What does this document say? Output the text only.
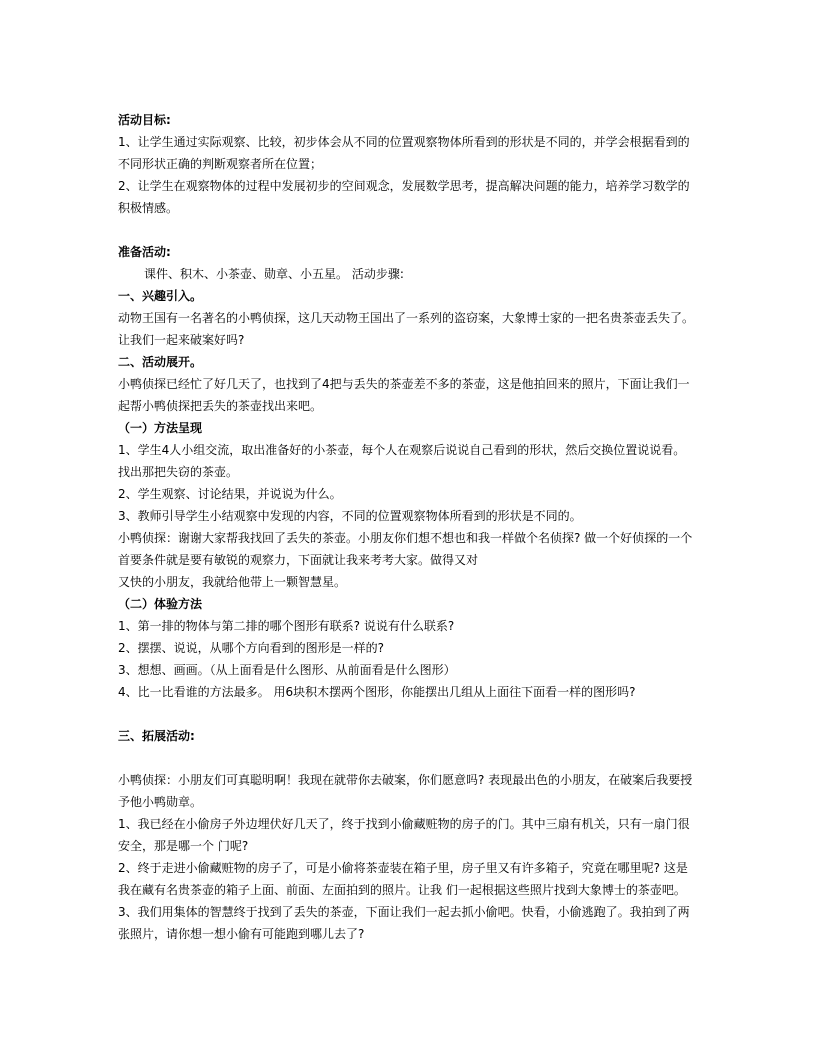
活动目标:

1、让学生通过实际观察、比较，初步体会从不同的位置观察物体所看到的形状是不同的，并学会根据看到的

不同形状正确的判断观察者所在位置；

2、让学生在观察物体的过程中发展初步的空间观念，发展数学思考，提高解决问题的能力，培养学习数学的

积极情感。

准备活动:

课件、积木、小茶壶、勋章、小五星。 活动步骤:

一、兴趣引入。

动物王国有一名著名的小鸭侦探，这几天动物王国出了一系列的盗窃案，大象博士家的一把名贵茶壶丢失了。

让我们一起来破案好吗?

二、活动展开。

小鸭侦探已经忙了好几天了，也找到了4把与丢失的茶壶差不多的茶壶，这是他拍回来的照片，下面让我们一

起帮小鸭侦探把丢失的茶壶找出来吧。

（一）方法呈现

1、学生4人小组交流，取出准备好的小茶壶，每个人在观察后说说自己看到的形状，然后交换位置说说看。

找出那把失窃的茶壶。

2、学生观察、讨论结果，并说说为什么。

3、教师引导学生小结观察中发现的内容，不同的位置观察物体所看到的形状是不同的。

小鸭侦探：谢谢大家帮我找回了丢失的茶壶。小朋友你们想不想也和我一样做个名侦探? 做一个好侦探的一个

首要条件就是要有敏锐的观察力，下面就让我来考考大家。做得又对

又快的小朋友，我就给他带上一颗智慧星。

（二）体验方法

1、第一排的物体与第二排的哪个图形有联系? 说说有什么联系?

2、摆摆、说说，从哪个方向看到的图形是一样的?

3、想想、画画。（从上面看是什么图形、从前面看是什么图形）

4、比一比看谁的方法最多。 用6块积木摆两个图形，你能摆出几组从上面往下面看一样的图形吗?

三、拓展活动:

小鸭侦探：小朋友们可真聪明啊！我现在就带你去破案，你们愿意吗? 表现最出色的小朋友，在破案后我要授

予他小鸭勋章。

1、我已经在小偷房子外边埋伏好几天了，终于找到小偷藏赃物的房子的门。其中三扇有机关，只有一扇门很

安全，那是哪一个 门呢?

2、终于走进小偷藏赃物的房子了，可是小偷将茶壶装在箱子里，房子里又有许多箱子，究竟在哪里呢? 这是

我在藏有名贵茶壶的箱子上面、前面、左面拍到的照片。让我 们一起根据这些照片找到大象博士的茶壶吧。

3、我们用集体的智慧终于找到了丢失的茶壶，下面让我们一起去抓小偷吧。快看，小偷逃跑了。我拍到了两

张照片，请你想一想小偷有可能跑到哪儿去了?
